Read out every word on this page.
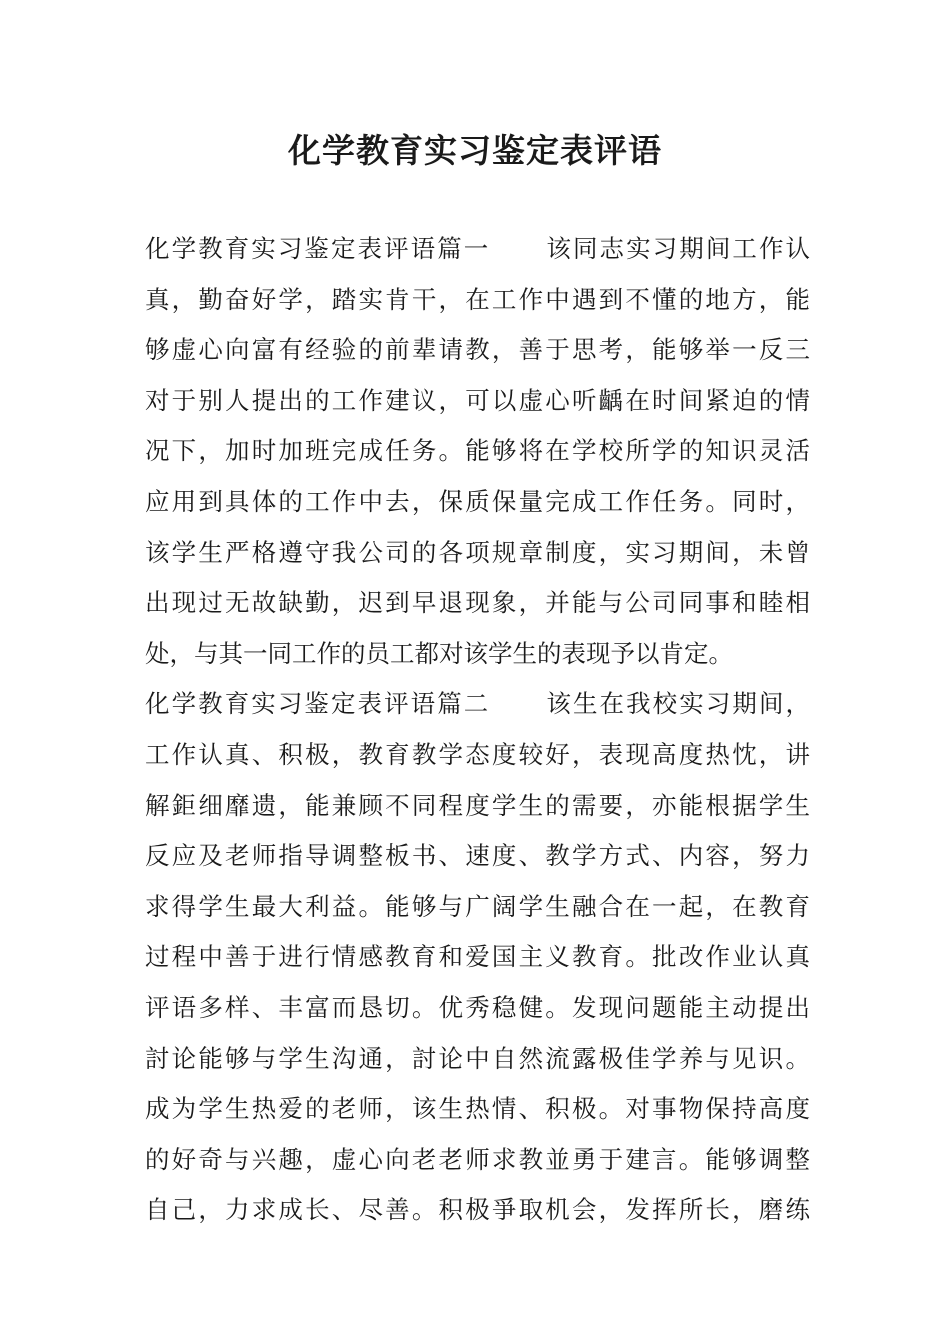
化学教育实习鉴定表评语
化学教育实习鉴定表评语篇一 该同志实习期间工作认
真，勤奋好学，踏实肯干，在工作中遇到不懂的地方，能
够虚心向富有经验的前辈请教，善于思考，能够举一反三
对于别人提出的工作建议，可以虚心听齲在时间紧迫的情
况下，加时加班完成任务。能够将在学校所学的知识灵活
应用到具体的工作中去，保质保量完成工作任务。同时，
该学生严格遵守我公司的各项规章制度，实习期间，未曾
出现过无故缺勤，迟到早退现象，并能与公司同事和睦相
处，与其一同工作的员工都对该学生的表现予以肯定。
化学教育实习鉴定表评语篇二 该生在我校实习期间，
工作认真、积极，教育教学态度较好，表现高度热忱，讲
解鉅细靡遗，能兼顾不同程度学生的需要，亦能根据学生
反应及老师指导调整板书、速度、教学方式、内容，努力
求得学生最大利益。能够与广阔学生融合在一起，在教育
过程中善于进行情感教育和爱国主义教育。批改作业认真
评语多样、丰富而恳切。优秀稳健。发现问题能主动提出
討论能够与学生沟通，討论中自然流露极佳学养与见识。
成为学生热爱的老师，该生热情、积极。对事物保持高度
的好奇与兴趣，虚心向老老师求教並勇于建言。能够调整
自己，力求成长、尽善。积极爭取机会，发挥所长，磨练
